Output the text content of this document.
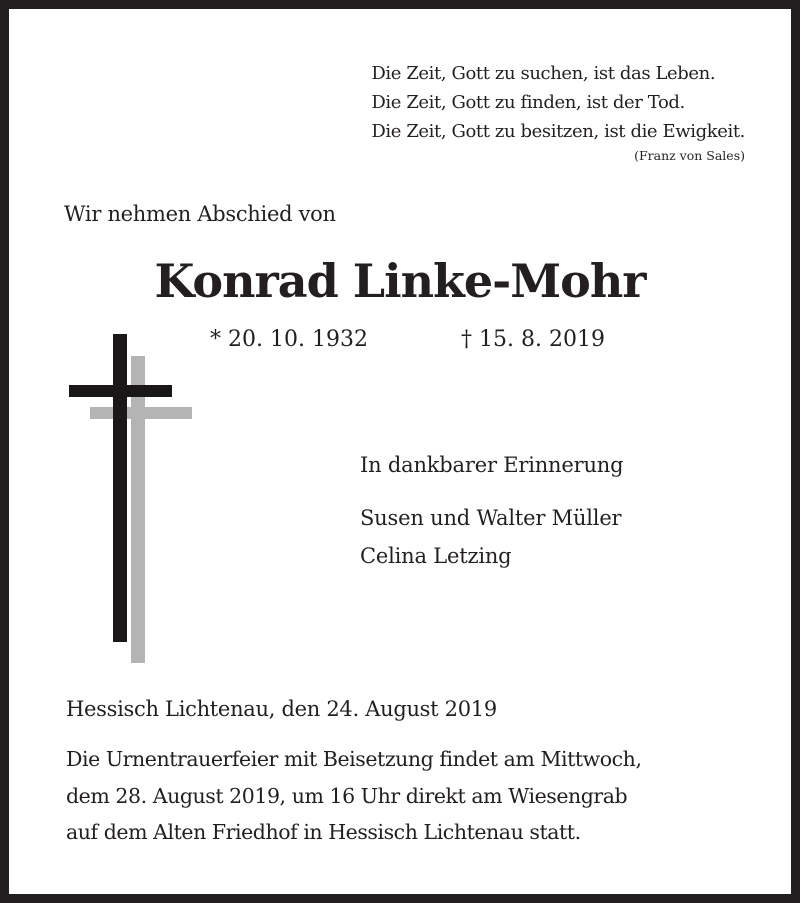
Die Zeit, Gott zu suchen, ist das Leben.
Die Zeit, Gott zu finden, ist der Tod.
Die Zeit, Gott zu besitzen, ist die Ewigkeit.
(Franz von Sales)
Wir nehmen Abschied von
Konrad Linke-Mohr
* 20. 10. 1932	† 15. 8. 2019
In dankbarer Erinnerung
Susen und Walter Müller
Celina Letzing
Hessisch Lichtenau, den 24. August 2019
Die Urnentrauerfeier mit Beisetzung findet am Mittwoch,
dem 28. August 2019, um 16 Uhr direkt am Wiesengrab
auf dem Alten Friedhof in Hessisch Lichtenau statt.
